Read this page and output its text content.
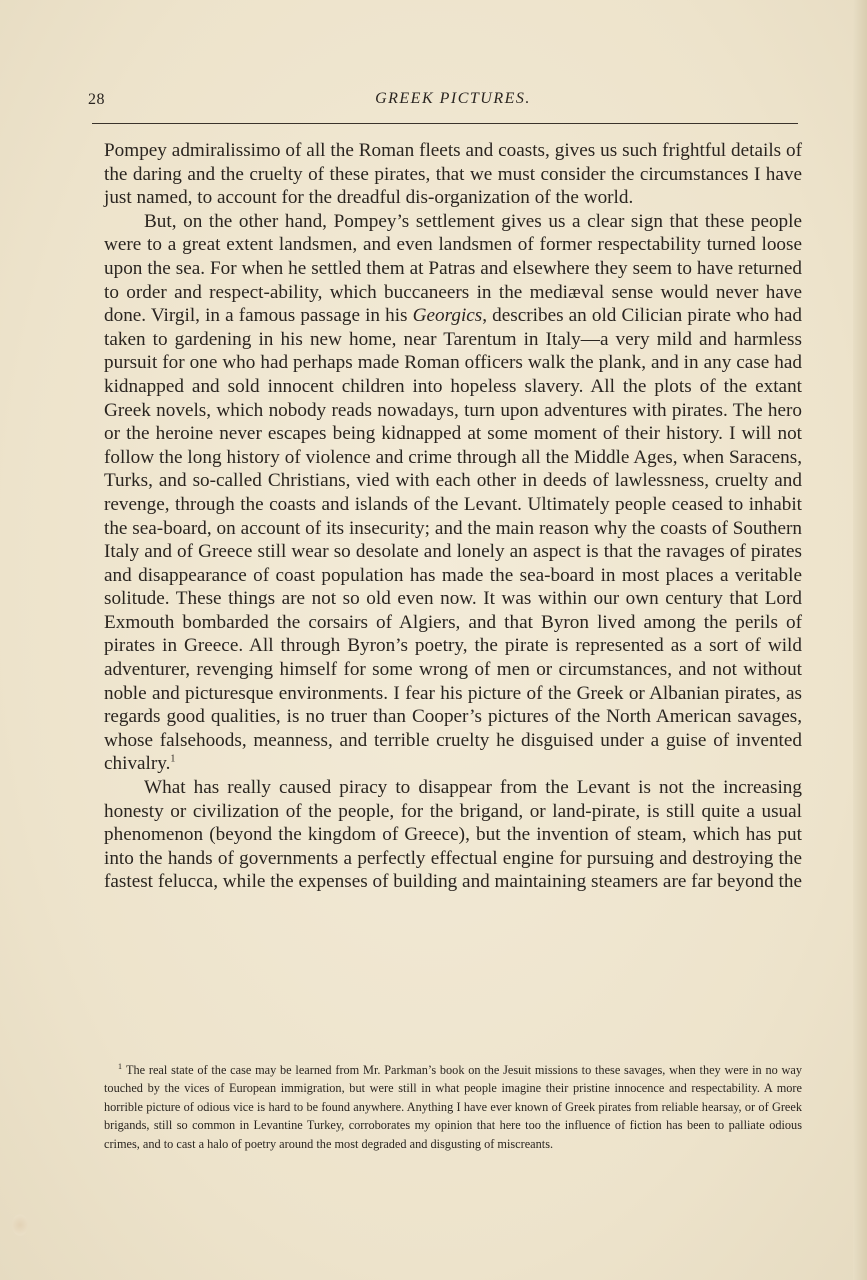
28	GREEK PICTURES.

Pompey admiralissimo of all the Roman fleets and coasts, gives us such frightful details of the daring and the cruelty of these pirates, that we must consider the circumstances I have just named, to account for the dreadful dis-organization of the world.

But, on the other hand, Pompey’s settlement gives us a clear sign that these people were to a great extent landsmen, and even landsmen of former respectability turned loose upon the sea. For when he settled them at Patras and elsewhere they seem to have returned to order and respect-ability, which buccaneers in the mediæval sense would never have done. Virgil, in a famous passage in his Georgics, describes an old Cilician pirate who had taken to gardening in his new home, near Tarentum in Italy—a very mild and harmless pursuit for one who had perhaps made Roman officers walk the plank, and in any case had kidnapped and sold innocent children into hopeless slavery. All the plots of the extant Greek novels, which nobody reads nowadays, turn upon adventures with pirates. The hero or the heroine never escapes being kidnapped at some moment of their history. I will not follow the long history of violence and crime through all the Middle Ages, when Saracens, Turks, and so-called Christians, vied with each other in deeds of lawlessness, cruelty and revenge, through the coasts and islands of the Levant. Ultimately people ceased to inhabit the sea-board, on account of its insecurity; and the main reason why the coasts of Southern Italy and of Greece still wear so desolate and lonely an aspect is that the ravages of pirates and disappearance of coast population has made the sea-board in most places a veritable solitude. These things are not so old even now. It was within our own century that Lord Exmouth bombarded the corsairs of Algiers, and that Byron lived among the perils of pirates in Greece. All through Byron’s poetry, the pirate is represented as a sort of wild adventurer, revenging himself for some wrong of men or circumstances, and not without noble and picturesque environments. I fear his picture of the Greek or Albanian pirates, as regards good qualities, is no truer than Cooper’s pictures of the North American savages, whose falsehoods, meanness, and terrible cruelty he disguised under a guise of invented chivalry.$^1$

What has really caused piracy to disappear from the Levant is not the increasing honesty or civilization of the people, for the brigand, or land-pirate, is still quite a usual phenomenon (beyond the kingdom of Greece), but the invention of steam, which has put into the hands of governments a perfectly effectual engine for pursuing and destroying the fastest felucca, while the expenses of building and maintaining steamers are far beyond the

$^1$ The real state of the case may be learned from Mr. Parkman’s book on the Jesuit missions to these savages, when they were in no way touched by the vices of European immigration, but were still in what people imagine their pristine innocence and respectability. A more horrible picture of odious vice is hard to be found anywhere. Anything I have ever known of Greek pirates from reliable hearsay, or of Greek brigands, still so common in Levantine Turkey, corroborates my opinion that here too the influence of fiction has been to palliate odious crimes, and to cast a halo of poetry around the most degraded and disgusting of miscreants.
